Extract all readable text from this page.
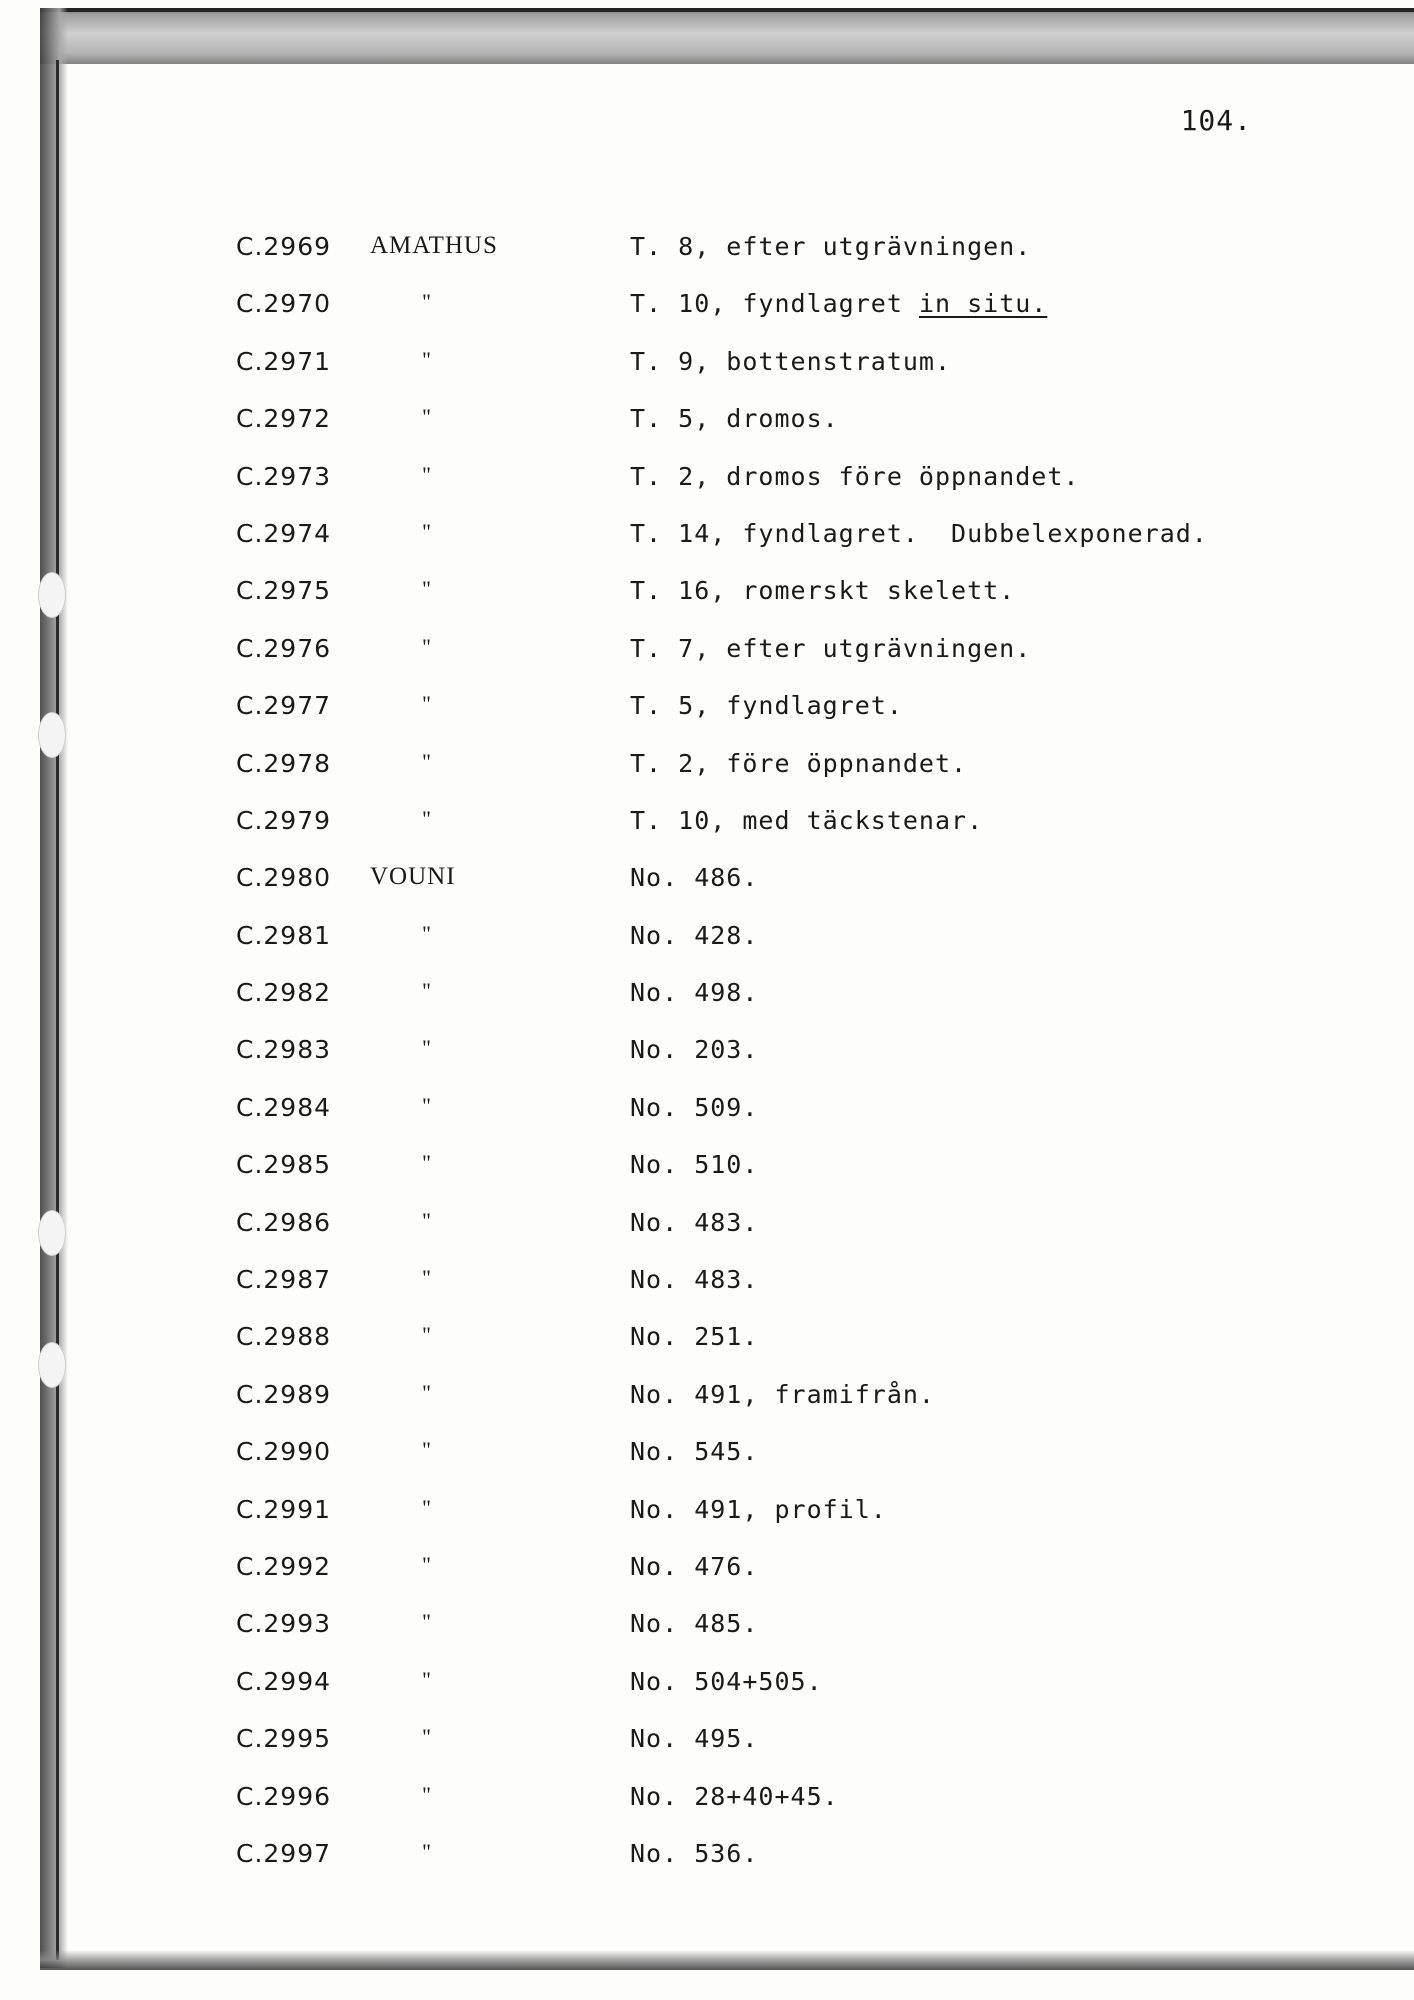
104.
C.2969 AMATHUS	T. 8, efter utgrävningen.
C.2970	"	T. 10, fyndlagret in situ.
C.2971	"	T. 9, bottenstratum.
C.2972	"	T. 5, dromos.
C.2973	"	T. 2, dromos före öppnandet.
C.2974	"	T. 14, fyndlagret.  Dubbelexponerad.
C.2975	"	T. 16, romerskt skelett.
C.2976	"	T. 7, efter utgrävningen.
C.2977	"	T. 5, fyndlagret.
C.2978	"	T. 2, före öppnandet.
C.2979	"	T. 10, med täckstenar.
C.2980 VOUNI	No. 486.
C.2981	"	No. 428.
C.2982	"	No. 498.
C.2983	"	No. 203.
C.2984	"	No. 509.
C.2985	"	No. 510.
C.2986	"	No. 483.
C.2987	"	No. 483.
C.2988	"	No. 251.
C.2989	"	No. 491, framifrån.
C.2990	"	No. 545.
C.2991	"	No. 491, profil.
C.2992	"	No. 476.
C.2993	"	No. 485.
C.2994	"	No. 504+505.
C.2995	"	No. 495.
C.2996	"	No. 28+40+45.
C.2997	"	No. 536.
